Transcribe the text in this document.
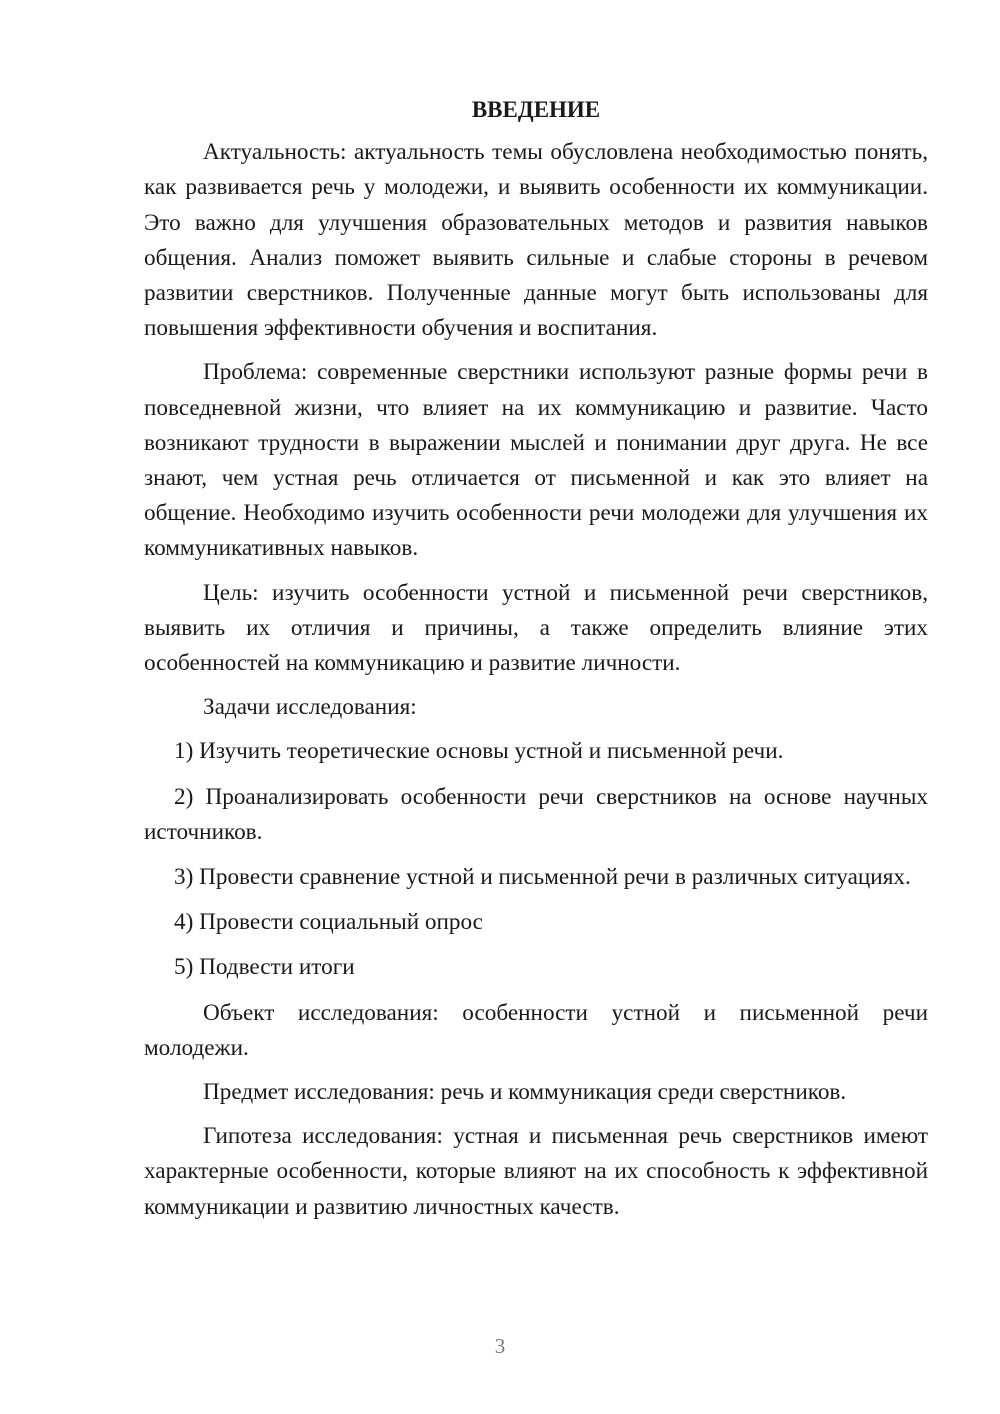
ВВЕДЕНИЕ

Актуальность: актуальность темы обусловлена необходимостью понять, как развивается речь у молодежи, и выявить особенности их коммуникации. Это важно для улучшения образовательных методов и развития навыков общения. Анализ поможет выявить сильные и слабые стороны в речевом развитии сверстников. Полученные данные могут быть использованы для повышения эффективности обучения и воспитания.

Проблема: современные сверстники используют разные формы речи в повседневной жизни, что влияет на их коммуникацию и развитие. Часто возникают трудности в выражении мыслей и понимании друг друга. Не все знают, чем устная речь отличается от письменной и как это влияет на общение. Необходимо изучить особенности речи молодежи для улучшения их коммуникативных навыков.

Цель: изучить особенности устной и письменной речи сверстников, выявить их отличия и причины, а также определить влияние этих особенностей на коммуникацию и развитие личности.

Задачи исследования:

1) Изучить теоретические основы устной и письменной речи.

2) Проанализировать особенности речи сверстников на основе научных источников.

3) Провести сравнение устной и письменной речи в различных ситуациях.

4) Провести социальный опрос

5) Подвести итоги

Объект исследования: особенности устной и письменной речи молодежи.

Предмет исследования: речь и коммуникация среди сверстников.

Гипотеза исследования: устная и письменная речь сверстников имеют характерные особенности, которые влияют на их способность к эффективной коммуникации и развитию личностных качеств.

3
